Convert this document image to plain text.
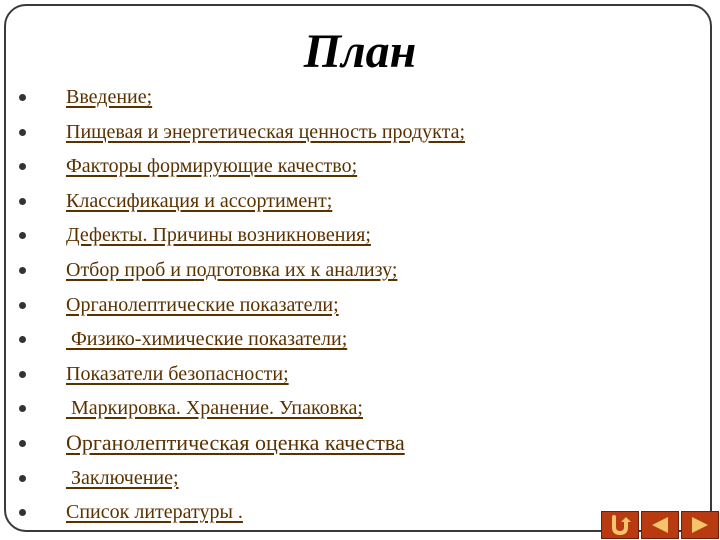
План
Введение;
Пищевая и энергетическая ценность продукта;
Факторы формирующие качество;
Классификация и ассортимент;
Дефекты. Причины возникновения;
Отбор проб и подготовка их к анализу;
Органолептические показатели;
Физико-химические показатели;
Показатели безопасности;
Маркировка. Хранение. Упаковка;
Органолептическая оценка качества
Заключение;
Список литературы .
